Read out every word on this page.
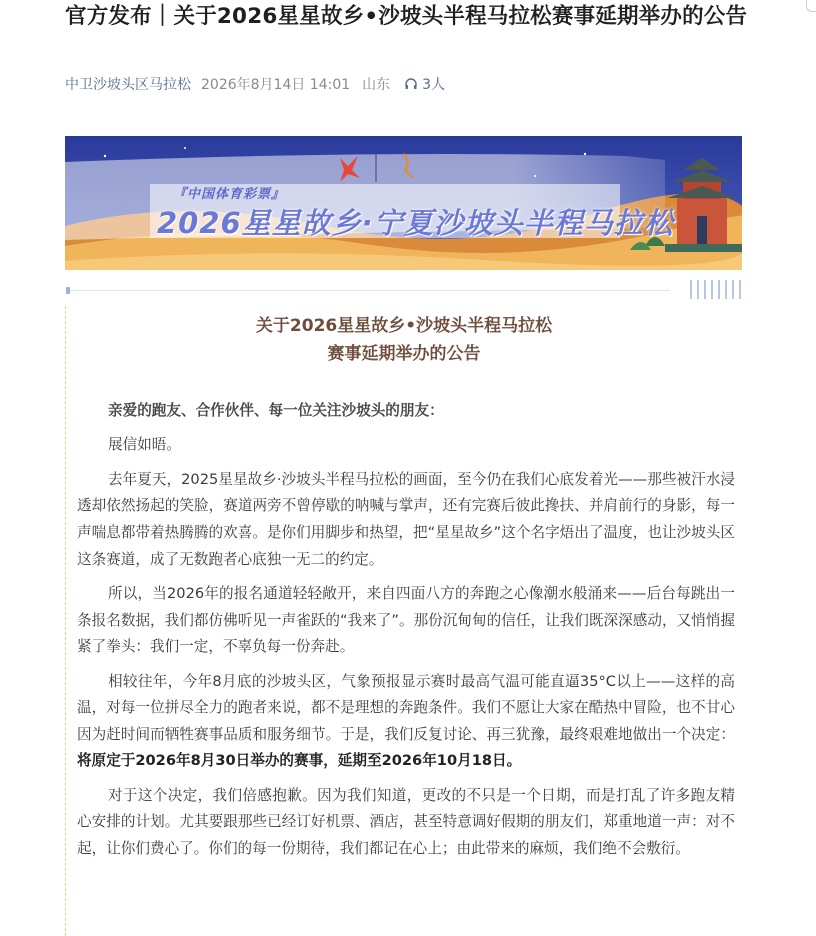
官方发布｜关于2026星星故乡•沙坡头半程马拉松赛事延期举办的公告
中卫沙坡头区马拉松 2026年8月14日 14:01 山东 3人
『中国体育彩票』
2026星星故乡·宁夏沙坡头半程马拉松
关于2026星星故乡•沙坡头半程马拉松
赛事延期举办的公告

亲爱的跑友、合作伙伴、每一位关注沙坡头的朋友：

展信如晤。

去年夏天，2025星星故乡·沙坡头半程马拉松的画面，至今仍在我们心底发着光——那些被汗水浸透却依然扬起的笑脸，赛道两旁不曾停歇的呐喊与掌声，还有完赛后彼此搀扶、并肩前行的身影，每一声喘息都带着热腾腾的欢喜。是你们用脚步和热望，把“星星故乡”这个名字焐出了温度，也让沙坡头区这条赛道，成了无数跑者心底独一无二的约定。

所以，当2026年的报名通道轻轻敞开，来自四面八方的奔跑之心像潮水般涌来——后台每跳出一条报名数据，我们都仿佛听见一声雀跃的“我来了”。那份沉甸甸的信任，让我们既深深感动，又悄悄握紧了拳头：我们一定，不辜负每一份奔赴。

相较往年，今年8月底的沙坡头区，气象预报显示赛时最高气温可能直逼35°C以上——这样的高温，对每一位拼尽全力的跑者来说，都不是理想的奔跑条件。我们不愿让大家在酷热中冒险，也不甘心因为赶时间而牺牲赛事品质和服务细节。于是，我们反复讨论、再三犹豫，最终艰难地做出一个决定：将原定于2026年8月30日举办的赛事，延期至2026年10月18日。

对于这个决定，我们倍感抱歉。因为我们知道，更改的不只是一个日期，而是打乱了许多跑友精心安排的计划。尤其要跟那些已经订好机票、酒店，甚至特意调好假期的朋友们，郑重地道一声：对不起，让你们费心了。你们的每一份期待，我们都记在心上；由此带来的麻烦，我们绝不会敷衍。
